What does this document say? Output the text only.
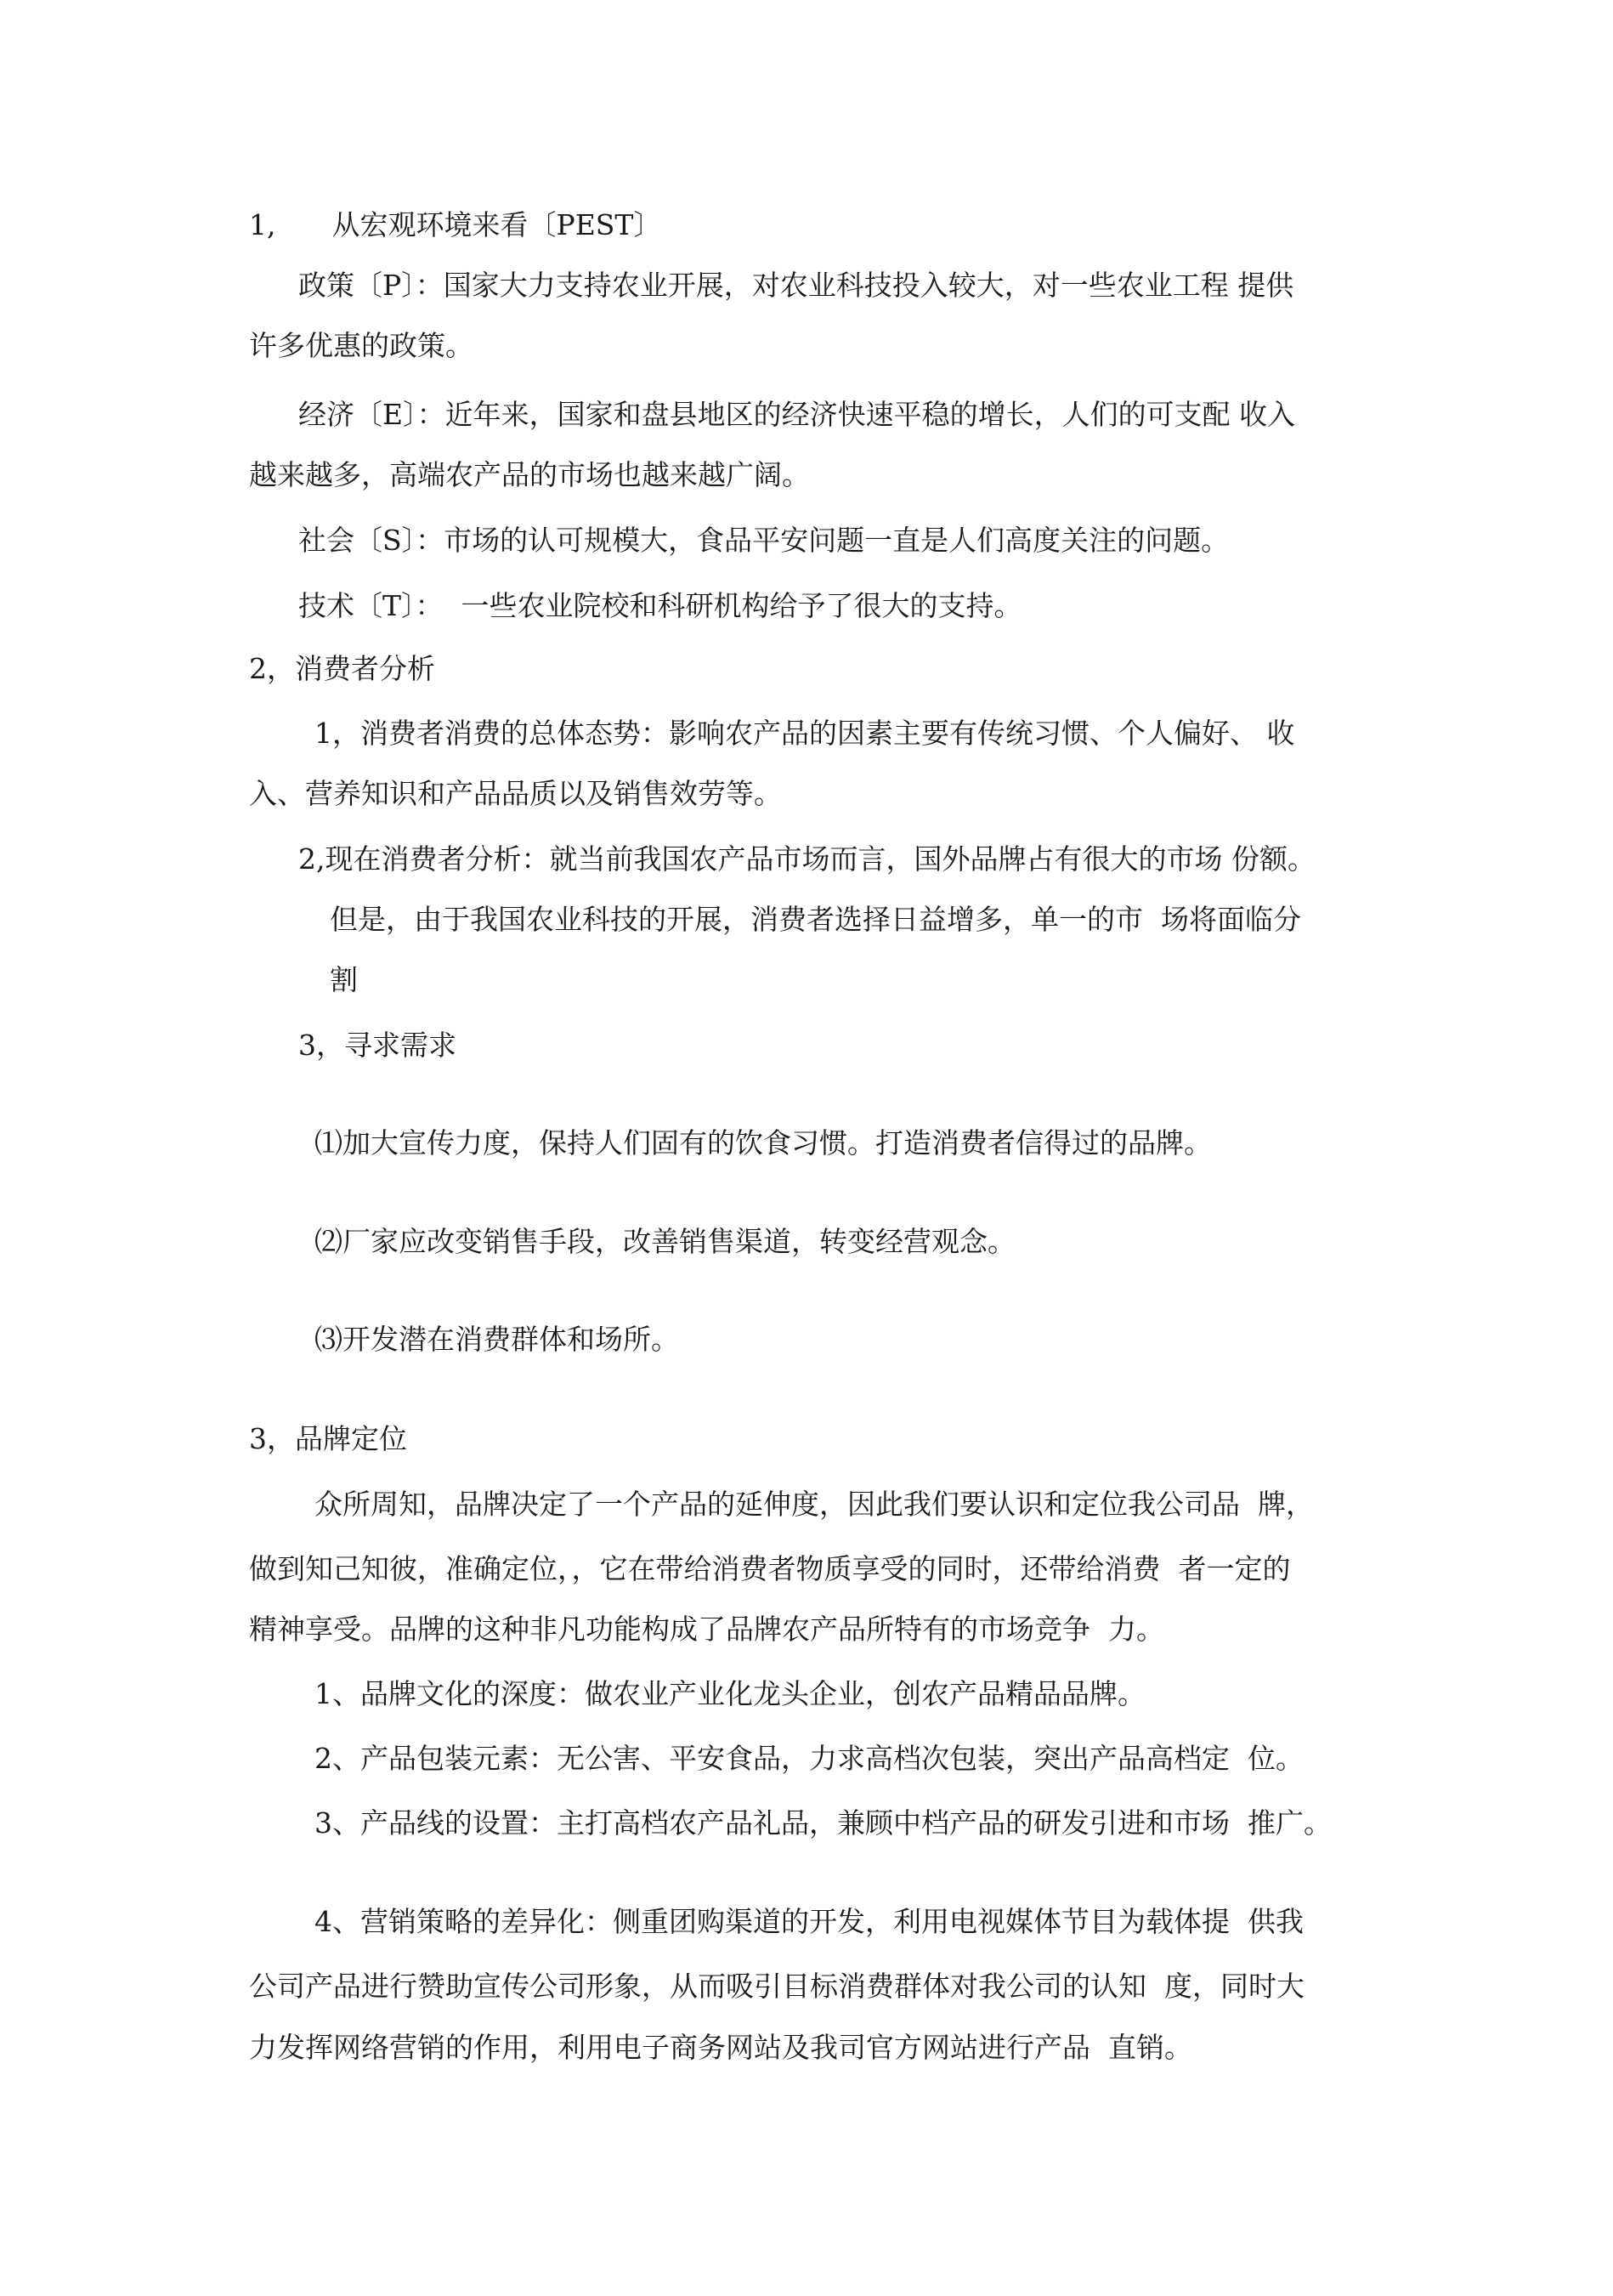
1,　　从宏观环境来看〔PEST〕

政策〔P〕：国家大力支持农业开展，对农业科技投入较大，对一些农业工程 提供

许多优惠的政策。

经济〔E〕：近年来，国家和盘县地区的经济快速平稳的增长，人们的可支配 收入

越来越多，高端农产品的市场也越来越广阔。

社会〔S〕：市场的认可规模大，食品平安问题一直是人们高度关注的问题。

技术〔T〕：  一些农业院校和科研机构给予了很大的支持。

2，消费者分析

1，消费者消费的总体态势：影响农产品的因素主要有传统习惯、个人偏好、 收

入、营养知识和产品品质以及销售效劳等。

2,现在消费者分析：就当前我国农产品市场而言，国外品牌占有很大的市场 份额。

但是，由于我国农业科技的开展，消费者选择日益增多，单一的市  场将面临分

割

3，寻求需求

⑴加大宣传力度，保持人们固有的饮食习惯。打造消费者信得过的品牌。

⑵厂家应改变销售手段，改善销售渠道，转变经营观念。

⑶开发潜在消费群体和场所。

3，品牌定位

众所周知，品牌决定了一个产品的延伸度，因此我们要认识和定位我公司品  牌，

做到知己知彼，准确定位，，它在带给消费者物质享受的同时，还带给消费  者一定的

精神享受。品牌的这种非凡功能构成了品牌农产品所特有的市场竞争  力。

1、品牌文化的深度：做农业产业化龙头企业，创农产品精品品牌。

2、产品包装元素：无公害、平安食品，力求高档次包装，突出产品高档定  位。

3、产品线的设置：主打高档农产品礼品，兼顾中档产品的研发引进和市场  推广。

4、营销策略的差异化：侧重团购渠道的开发，利用电视媒体节目为载体提  供我

公司产品进行赞助宣传公司形象，从而吸引目标消费群体对我公司的认知  度，同时大

力发挥网络营销的作用，利用电子商务网站及我司官方网站进行产品  直销。
